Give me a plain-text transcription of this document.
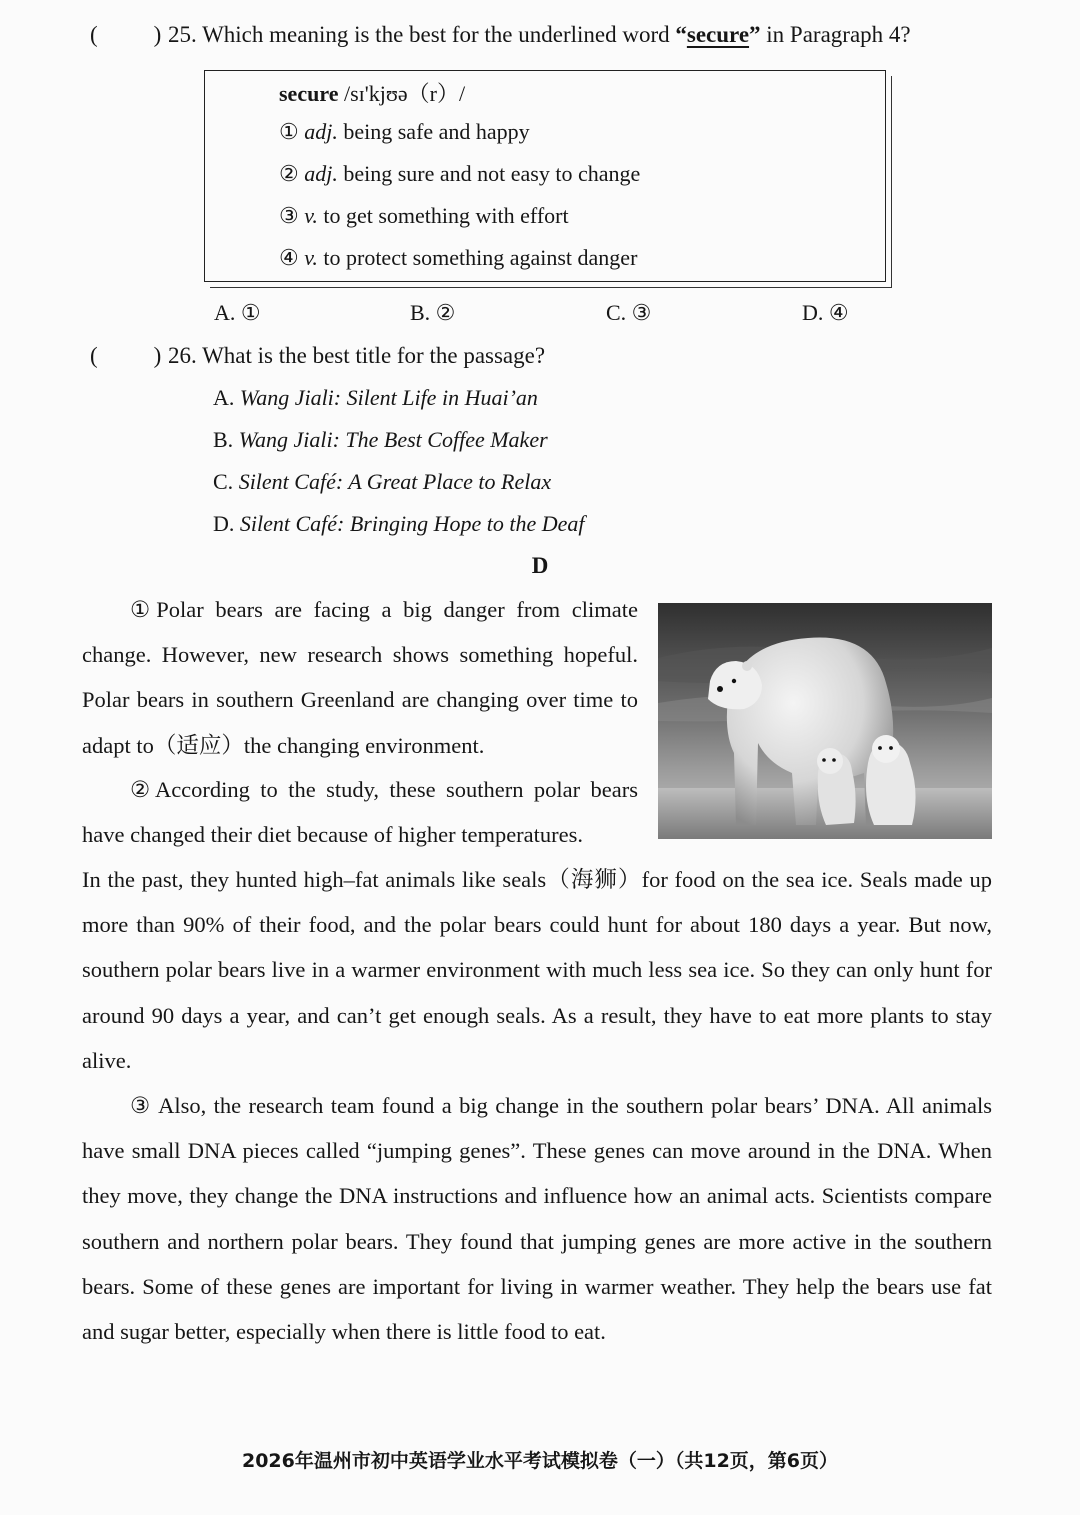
( ) 25. Which meaning is the best for the underlined word “secure” in Paragraph 4?
secure /sɪ'kjʊə（r）/
① adj. being safe and happy
② adj. being sure and not easy to change
③ v. to get something with effort
④ v. to protect something against danger
A. ①	B. ②	C. ③	D. ④
( ) 26. What is the best title for the passage?
A. Wang Jiali: Silent Life in Huai’an
B. Wang Jiali: The Best Coffee Maker
C. Silent Café: A Great Place to Relax
D. Silent Café: Bringing Hope to the Deaf
D
①Polar bears are facing a big danger from climate change. However, new research shows something hopeful. Polar bears in southern Greenland are changing over time to adapt to（适应）the changing environment.
②According to the study, these southern polar bears have changed their diet because of higher temperatures.
In the past, they hunted high–fat animals like seals（海狮）for food on the sea ice. Seals made up more than 90% of their food, and the polar bears could hunt for about 180 days a year. But now, southern polar bears live in a warmer environment with much less sea ice. So they can only hunt for around 90 days a year, and can’t get enough seals. As a result, they have to eat more plants to stay alive.
③ Also, the research team found a big change in the southern polar bears’ DNA. All animals have small DNA pieces called “jumping genes”. These genes can move around in the DNA. When they move, they change the DNA instructions and influence how an animal acts. Scientists compare southern and northern polar bears. They found that jumping genes are more active in the southern bears. Some of these genes are important for living in warmer weather. They help the bears use fat and sugar better, especially when there is little food to eat.
2026年温州市初中英语学业水平考试模拟卷（一）（共12页，第6页）
